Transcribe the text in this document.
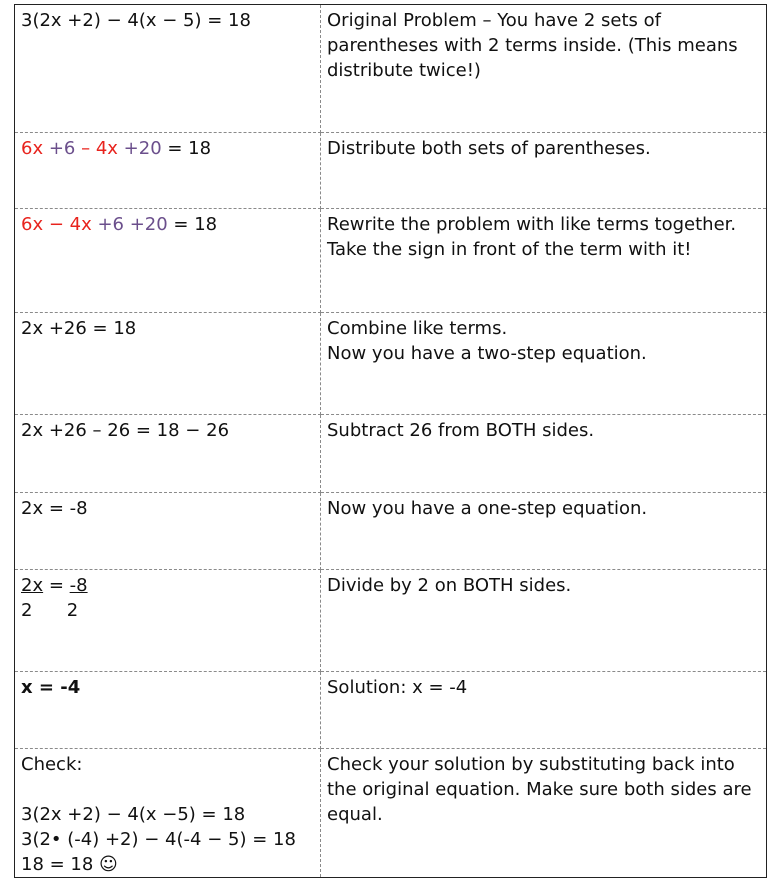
3(2x +2) − 4(x − 5) = 18	Original Problem – You have 2 sets of parentheses with 2 terms inside. (This means distribute twice!)

6x +6 – 4x +20 = 18	Distribute both sets of parentheses.

6x − 4x +6 +20 = 18	Rewrite the problem with like terms together.
Take the sign in front of the term with it!

2x +26 = 18	Combine like terms.
Now you have a two-step equation.

2x +26 – 26 = 18 − 26	Subtract 26 from BOTH sides.

2x = -8	Now you have a one-step equation.

2x = -8
2      2	Divide by 2 on BOTH sides.

x = -4	Solution: x = -4

Check:
3(2x +2) − 4(x −5) = 18
3(2• (-4) +2) − 4(-4 − 5) = 18
18 = 18 ☺	Check your solution by substituting back into the original equation. Make sure both sides are equal.
